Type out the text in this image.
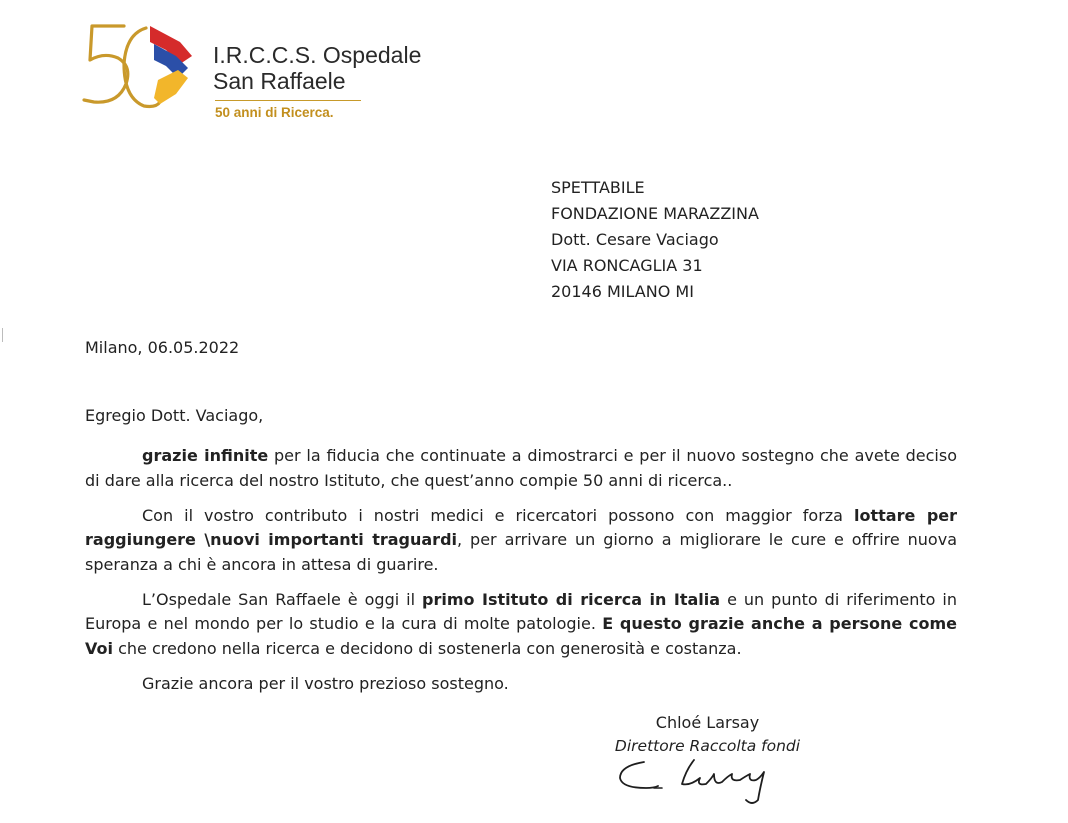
I.R.C.C.S. Ospedale
San Raffaele
50 anni di Ricerca.
SPETTABILE
FONDAZIONE MARAZZINA
Dott. Cesare Vaciago
VIA RONCAGLIA 31
20146 MILANO MI
Milano, 06.05.2022
Egregio Dott. Vaciago,

grazie infinite per la fiducia che continuate a dimostrarci e per il nuovo sostegno che avete deciso di dare alla ricerca del nostro Istituto, che quest’anno compie 50 anni di ricerca..

Con il vostro contributo i nostri medici e ricercatori possono con maggior forza lottare per raggiungere \nuovi importanti traguardi, per arrivare un giorno a migliorare le cure e offrire nuova speranza a chi è ancora in attesa di guarire.

L’Ospedale San Raffaele è oggi il primo Istituto di ricerca in Italia e un punto di riferimento in Europa e nel mondo per lo studio e la cura di molte patologie. E questo grazie anche a persone come Voi che credono nella ricerca e decidono di sostenerla con generosità e costanza.

Grazie ancora per il vostro prezioso sostegno.

Chloé Larsay
Direttore Raccolta fondi
